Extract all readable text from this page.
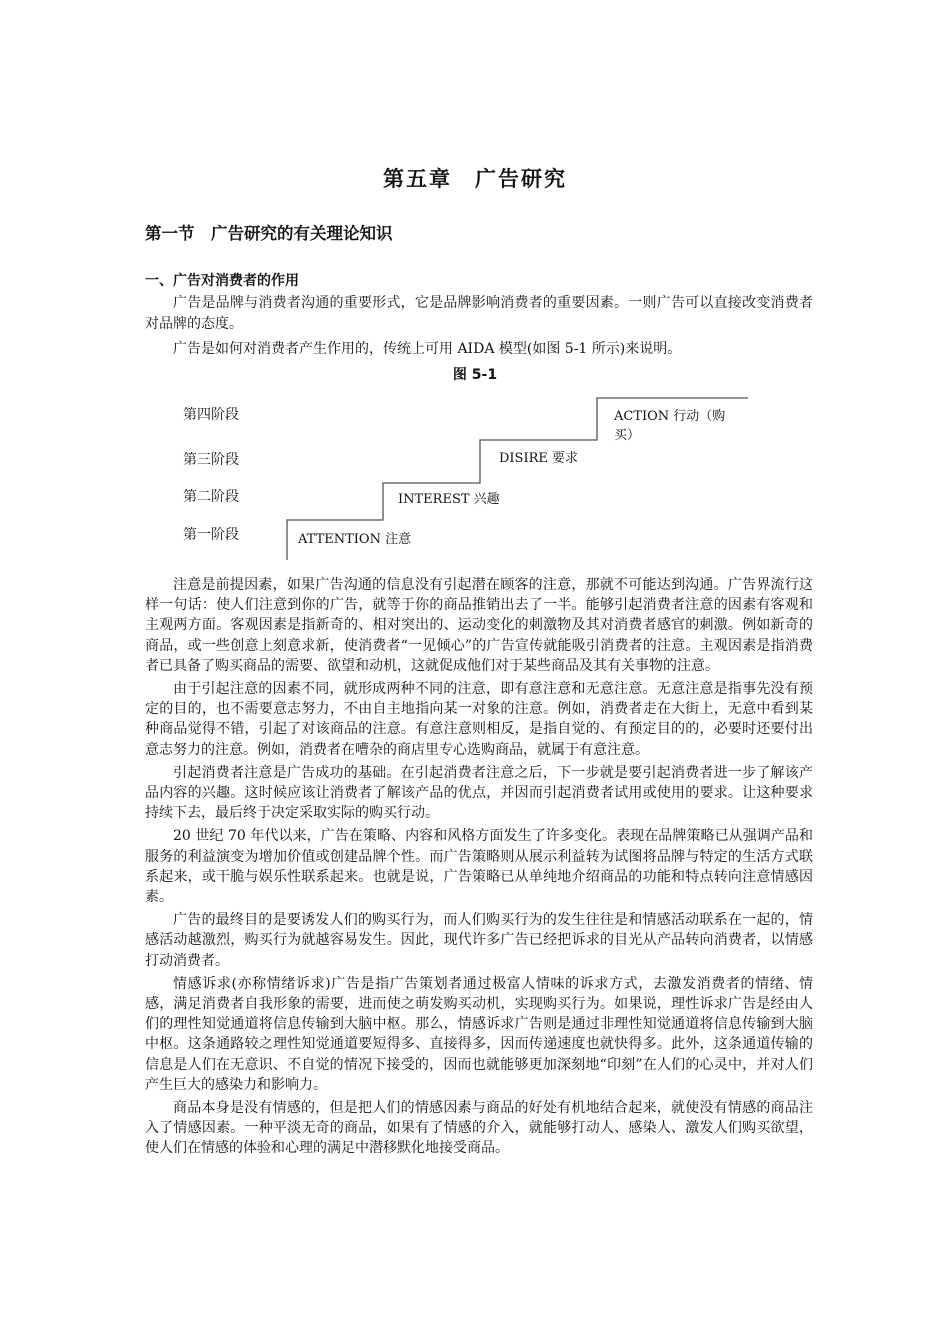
第五章　广告研究
第一节　广告研究的有关理论知识
一、广告对消费者的作用

广告是品牌与消费者沟通的重要形式，它是品牌影响消费者的重要因素。一则广告可以直接改变消费者对品牌的态度。

广告是如何对消费者产生作用的，传统上可用 AIDA 模型(如图 5-1 所示)来说明。

图 5-1
第四阶段
第三阶段
第二阶段
第一阶段	ATTENTION 注意
INTEREST 兴趣
DISIRE 要求
ACTION 行动（购
买）

注意是前提因素，如果广告沟通的信息没有引起潜在顾客的注意，那就不可能达到沟通。广告界流行这样一句话：使人们注意到你的广告，就等于你的商品推销出去了一半。能够引起消费者注意的因素有客观和主观两方面。客观因素是指新奇的、相对突出的、运动变化的刺激物及其对消费者感官的刺激。例如新奇的商品，或一些创意上刻意求新，使消费者“一见倾心”的广告宣传就能吸引消费者的注意。主观因素是指消费者已具备了购买商品的需要、欲望和动机，这就促成他们对于某些商品及其有关事物的注意。

由于引起注意的因素不同，就形成两种不同的注意，即有意注意和无意注意。无意注意是指事先没有预定的目的，也不需要意志努力，不由自主地指向某一对象的注意。例如，消费者走在大街上，无意中看到某种商品觉得不错，引起了对该商品的注意。有意注意则相反，是指自觉的、有预定目的的，必要时还要付出意志努力的注意。例如，消费者在嘈杂的商店里专心选购商品，就属于有意注意。

引起消费者注意是广告成功的基础。在引起消费者注意之后，下一步就是要引起消费者进一步了解该产品内容的兴趣。这时候应该让消费者了解该产品的优点，并因而引起消费者试用或使用的要求。让这种要求持续下去，最后终于决定采取实际的购买行动。

20 世纪 70 年代以来，广告在策略、内容和风格方面发生了许多变化。表现在品牌策略已从强调产品和服务的利益演变为增加价值或创建品牌个性。而广告策略则从展示利益转为试图将品牌与特定的生活方式联系起来，或干脆与娱乐性联系起来。也就是说，广告策略已从单纯地介绍商品的功能和特点转向注意情感因素。

广告的最终目的是要诱发人们的购买行为，而人们购买行为的发生往往是和情感活动联系在一起的，情感活动越激烈，购买行为就越容易发生。因此，现代许多广告已经把诉求的目光从产品转向消费者，以情感打动消费者。

情感诉求(亦称情绪诉求)广告是指广告策划者通过极富人情味的诉求方式，去激发消费者的情绪、情感，满足消费者自我形象的需要，进而使之萌发购买动机，实现购买行为。如果说，理性诉求广告是经由人们的理性知觉通道将信息传输到大脑中枢。那么，情感诉求广告则是通过非理性知觉通道将信息传输到大脑中枢。这条通路较之理性知觉通道要短得多、直接得多，因而传递速度也就快得多。此外，这条通道传输的信息是人们在无意识、不自觉的情况下接受的，因而也就能够更加深刻地“印刻”在人们的心灵中，并对人们产生巨大的感染力和影响力。

商品本身是没有情感的，但是把人们的情感因素与商品的好处有机地结合起来，就使没有情感的商品注入了情感因素。一种平淡无奇的商品，如果有了情感的介入，就能够打动人、感染人、激发人们购买欲望，使人们在情感的体验和心理的满足中潜移默化地接受商品。
